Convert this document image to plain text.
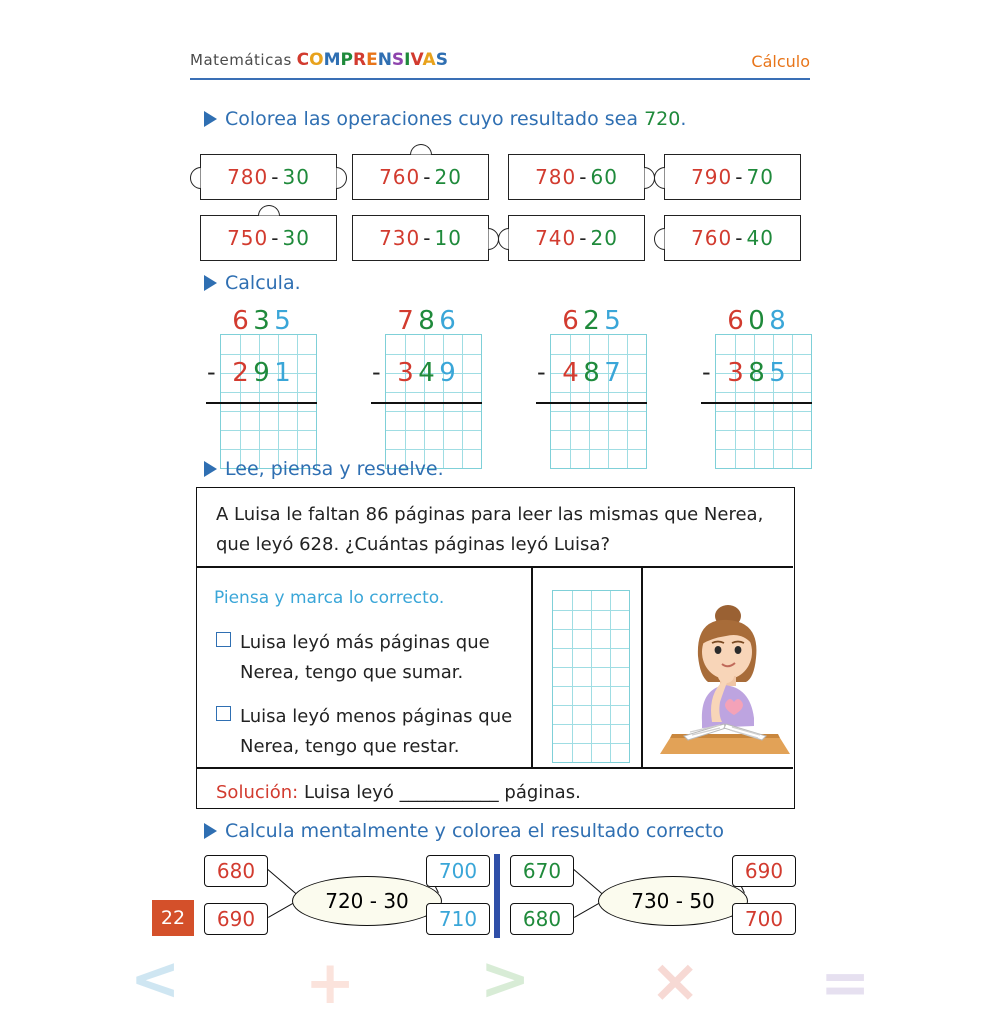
Matemáticas COMPRENSIVAS	Cálculo
Colorea las operaciones cuyo resultado sea 720.
780 - 30	760 - 20	780 - 60	790 - 70
750 - 30	730 - 10	740 - 20	760 - 40
Calcula.
6 3 5
- 2 9 1
7 8 6
- 3 4 9
6 2 5
- 4 8 7
6 0 8
- 3 8 5
Lee, piensa y resuelve.
A Luisa le faltan 86 páginas para leer las mismas que Nerea,
que leyó 628. ¿Cuántas páginas leyó Luisa?
Piensa y marca lo correcto.
Luisa leyó más páginas que
Nerea, tengo que sumar.
Luisa leyó menos páginas que
Nerea, tengo que restar.
Solución: Luisa leyó ___________ páginas.
Calcula mentalmente y colorea el resultado correcto
720 - 30
680	700
690	710
730 - 50
670	690
680	700
22
< + > × =
